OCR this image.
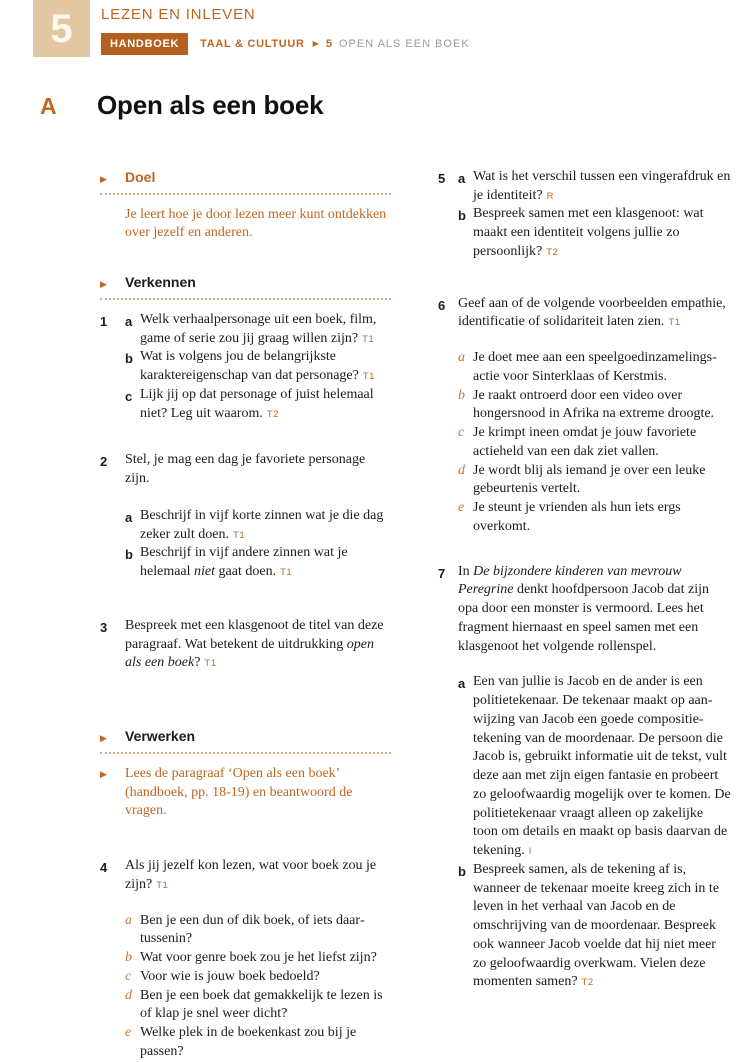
5 LEZEN EN INLEVEN
HANDBOEK	TAAL & CULTUUR ▶ 5 OPEN ALS EEN BOEK
A	Open als een boek
▶	Doel

Je leert hoe je door lezen meer kunt ontdekken over jezelf en anderen.

▶	Verkennen
1	a Welk verhaalpersonage uit een boek, film, game of serie zou jij graag willen zijn? T1
b Wat is volgens jou de belangrijkste karaktereigenschap van dat personage? T1
c Lijk jij op dat personage of juist helemaal niet? Leg uit waarom. T2
2	Stel, je mag een dag je favoriete personage zijn.
a Beschrijf in vijf korte zinnen wat je die dag zeker zult doen. T1
b Beschrijf in vijf andere zinnen wat je helemaal niet gaat doen. T1
3	Bespreek met een klasgenoot de titel van deze paragraaf. Wat betekent de uitdrukking open als een boek? T1
▶	Verwerken
▶	Lees de paragraaf ‘Open als een boek’ (handboek, pp. 18-19) en beantwoord de vragen.
4	Als jij jezelf kon lezen, wat voor boek zou je zijn? T1
a Ben je een dun of dik boek, of iets daartussenin?
b Wat voor genre boek zou je het liefst zijn?
c Voor wie is jouw boek bedoeld?
d Ben je een boek dat gemakkelijk te lezen is of klap je snel weer dicht?
e Welke plek in de boekenkast zou bij je passen?
5 a Wat is het verschil tussen een vingerafdruk en je identiteit? R
b Bespreek samen met een klasgenoot: wat maakt een identiteit volgens jullie zo persoonlijk? T2
6 Geef aan of de volgende voorbeelden empathie, identificatie of solidariteit laten zien. T1
a Je doet mee aan een speelgoedinzamelingsactie voor Sinterklaas of Kerstmis.
b Je raakt ontroerd door een video over hongersnood in Afrika na extreme droogte.
c Je krimpt ineen omdat je jouw favoriete actieheld van een dak ziet vallen.
d Je wordt blij als iemand je over een leuke gebeurtenis vertelt.
e Je steunt je vrienden als hun iets ergs overkomt.
7 In De bijzondere kinderen van mevrouw Peregrine denkt hoofdpersoon Jacob dat zijn opa door een monster is vermoord. Lees het fragment hiernaast en speel samen met een klasgenoot het volgende rollenspel.
a Een van jullie is Jacob en de ander is een politietekenaar. De tekenaar maakt op aanwijzing van Jacob een goede compositietekening van de moordenaar. De persoon die Jacob is, gebruikt informatie uit de tekst, vult deze aan met zijn eigen fantasie en probeert zo geloofwaardig mogelijk over te komen. De politietekenaar vraagt alleen op zakelijke toon om details en maakt op basis daarvan de tekening. I
b Bespreek samen, als de tekening af is, wanneer de tekenaar moeite kreeg zich in te leven in het verhaal van Jacob en de omschrijving van de moordenaar. Bespreek ook wanneer Jacob voelde dat hij niet meer zo geloofwaardig overkwam. Vielen deze momenten samen? T2
